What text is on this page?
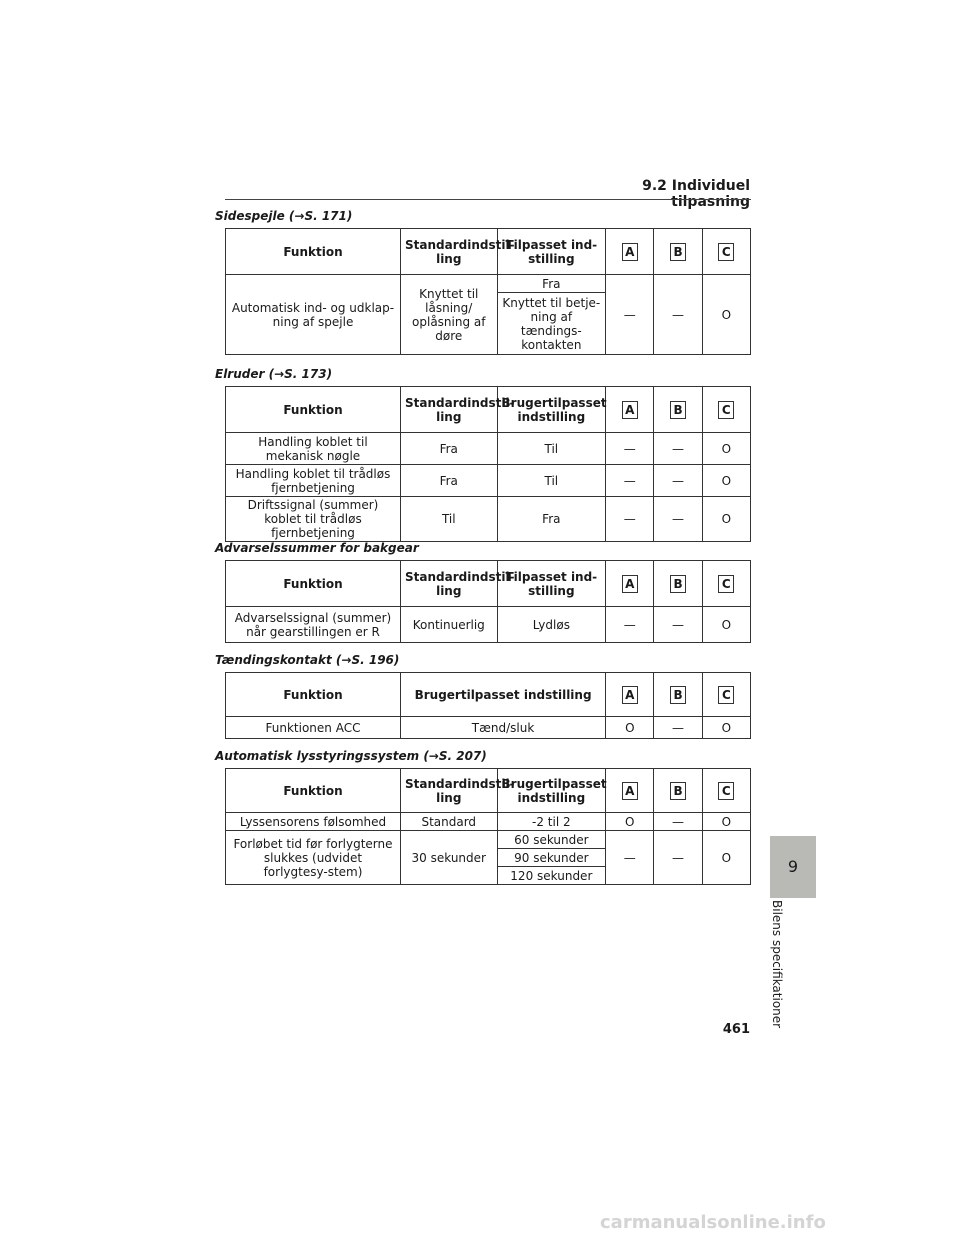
9.2 Individuel tilpasning
Sidespejle (→S. 171)
Funktion	Standardindstil-ling	Tilpasset ind-stilling	A	B	C
Automatisk ind- og udklap-ning af spejle	Knyttet til låsning/ oplåsning af døre	Fra	—	—	O
		Knyttet til betje-ning af tændings-kontakten			
Elruder (→S. 173)
Funktion	Standardindstil-ling	Brugertilpasset indstilling	A	B	C
Handling koblet til mekanisk nøgle	Fra	Til	—	—	O
Handling koblet til trådløs fjernbetjening	Fra	Til	—	—	O
Driftssignal (summer) koblet til trådløs fjernbetjening	Til	Fra	—	—	O
Advarselssummer for bakgear
Funktion	Standardindstil-ling	Tilpasset ind-stilling	A	B	C
Advarselssignal (summer) når gearstillingen er R	Kontinuerlig	Lydløs	—	—	O
Tændingskontakt (→S. 196)
Funktion	Brugertilpasset indstilling	A	B	C
Funktionen ACC	Tænd/sluk	O	—	O
Automatisk lysstyringssystem (→S. 207)
Funktion	Standardindstil-ling	Brugertilpasset indstilling	A	B	C
Lyssensorens følsomhed	Standard	-2 til 2	O	—	O
Forløbet tid før forlygterne slukkes (udvidet forlygtesy-stem)	30 sekunder	60 sekunder	—	—	O
		90 sekunder			
		120 sekunder				9
Bilens specifikationer
461
carmanualsonline.info
